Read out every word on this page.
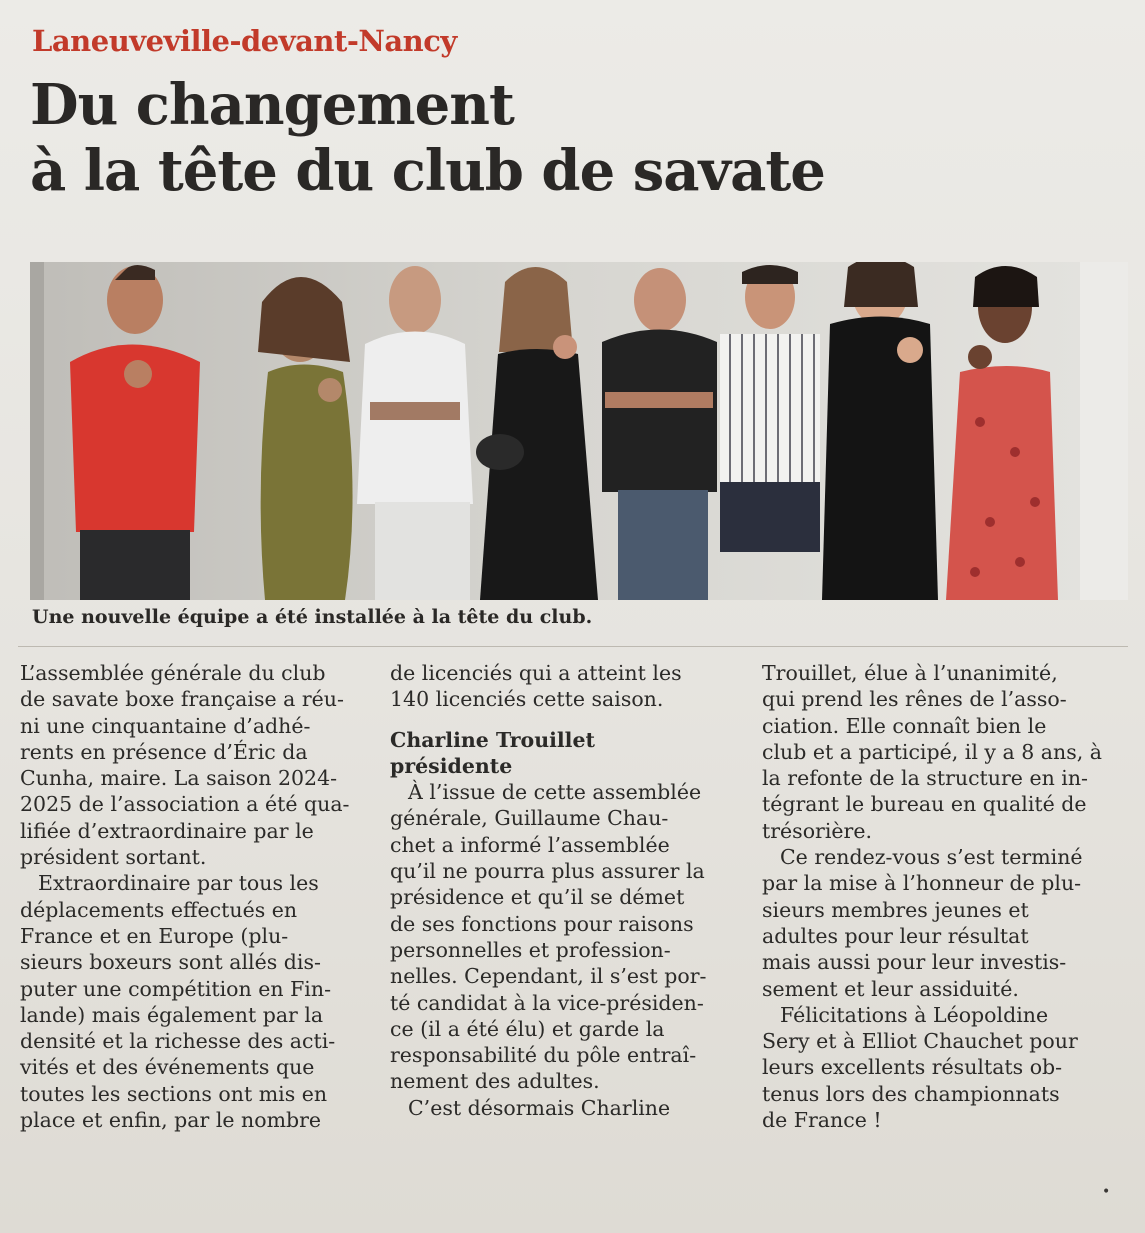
Laneuveville-devant-Nancy
Du changement
à la tête du club de savate
Une nouvelle équipe a été installée à la tête du club.
L’assemblée générale du club
de savate boxe française a réu-
ni une cinquantaine d’adhé-
rents en présence d’Éric da
Cunha, maire. La saison 2024-
2025 de l’association a été qua-
lifiée d’extraordinaire par le
président sortant.
Extraordinaire par tous les
déplacements effectués en
France et en Europe (plu-
sieurs boxeurs sont allés dis-
puter une compétition en Fin-
lande) mais également par la
densité et la richesse des acti-
vités et des événements que
toutes les sections ont mis en
place et enfin, par le nombre
de licenciés qui a atteint les
140 licenciés cette saison.
Charline Trouillet
présidente
À l’issue de cette assemblée
générale, Guillaume Chau-
chet a informé l’assemblée
qu’il ne pourra plus assurer la
présidence et qu’il se démet
de ses fonctions pour raisons
personnelles et profession-
nelles. Cependant, il s’est por-
té candidat à la vice-présiden-
ce (il a été élu) et garde la
responsabilité du pôle entraî-
nement des adultes.
C’est désormais Charline
Trouillet, élue à l’unanimité,
qui prend les rênes de l’asso-
ciation. Elle connaît bien le
club et a participé, il y a 8 ans, à
la refonte de la structure en in-
tégrant le bureau en qualité de
trésorière.
Ce rendez-vous s’est terminé
par la mise à l’honneur de plu-
sieurs membres jeunes et
adultes pour leur résultat
mais aussi pour leur investis-
sement et leur assiduité.
Félicitations à Léopoldine
Sery et à Elliot Chauchet pour
leurs excellents résultats ob-
tenus lors des championnats
de France !
•
